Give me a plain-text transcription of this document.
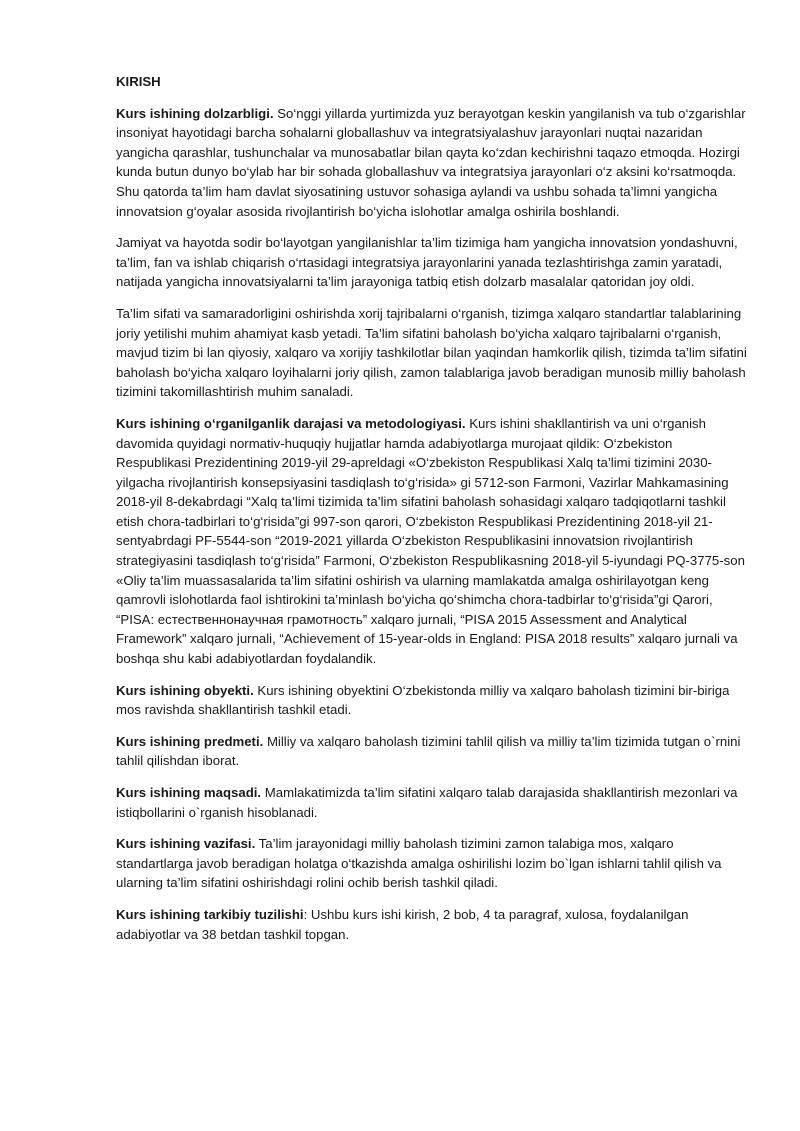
KIRISH

Kurs ishining dolzarbligi. So‘nggi yillarda yurtimizda yuz berayotgan keskin yangilanish va tub o‘zgarishlar insoniyat hayotidagi barcha sohalarni globallashuv va integratsiyalashuv jarayonlari nuqtai nazaridan yangicha qarashlar, tushunchalar va munosabatlar bilan qayta ko‘zdan kechirishni taqazo etmoqda. Hozirgi kunda butun dunyo bo‘ylab har bir sohada globallashuv va integratsiya jarayonlari o‘z aksini ko‘rsatmoqda. Shu qatorda ta’lim ham davlat siyosatining ustuvor sohasiga aylandi va ushbu sohada ta’limni yangicha innovatsion g‘oyalar asosida rivojlantirish bo‘yicha islohotlar amalga oshirila boshlandi.

Jamiyat va hayotda sodir bo‘layotgan yangilanishlar ta’lim tizimiga ham yangicha innovatsion yondashuvni, ta’lim, fan va ishlab chiqarish o‘rtasidagi integratsiya jarayonlarini yanada tezlashtirishga zamin yaratadi, natijada yangicha innovatsiyalarni ta’lim jarayoniga tatbiq etish dolzarb masalalar qatoridan joy oldi.

Ta’lim sifati va samaradorligini oshirishda xorij tajribalarni o‘rganish, tizimga xalqaro standartlar talablarining joriy yetilishi muhim ahamiyat kasb yetadi. Ta’lim sifatini baholash bo‘yicha xalqaro tajribalarni o‘rganish, mavjud tizim bi lan qiyosiy, xalqaro va xorijiy tashkilotlar bilan yaqindan hamkorlik qilish, tizimda ta’lim sifatini baholash bo‘yicha xalqaro loyihalarni joriy qilish, zamon talablariga javob beradigan munosib milliy baholash tizimini takomillashtirish muhim sanaladi.

Kurs ishining o‘rganilganlik darajasi va metodologiyasi. Kurs ishini shakllantirish va uni o‘rganish davomida quyidagi normativ-huquqiy hujjatlar hamda adabiyotlarga murojaat qildik: O‘zbekiston Respublikasi Prezidentining 2019-yil 29-apreldagi «O‘zbekiston Respublikasi Xalq ta’limi tizimini 2030-yilgacha rivojlantirish konsepsiyasini tasdiqlash to‘g‘risida» gi 5712-son Farmoni, Vazirlar Mahkamasining 2018-yil 8-dekabrdagi “Xalq ta’limi tizimida ta’lim sifatini baholash sohasidagi xalqaro tadqiqotlarni tashkil etish chora-tadbirlari to‘g‘risida”gi 997-son qarori, O‘zbekiston Respublikasi Prezidentining 2018-yil 21-sentyabrdagi PF-5544-son “2019-2021 yillarda O‘zbekiston Respublikasini innovatsion rivojlantirish strategiyasini tasdiqlash to‘g‘risida” Farmoni, O‘zbekiston Respublikasning 2018-yil 5-iyundagi PQ-3775-son «Oliy ta’lim muassasalarida ta’lim sifatini oshirish va ularning mamlakatda amalga oshirilayotgan keng qamrovli islohotlarda faol ishtirokini ta’minlash bo‘yicha qo‘shimcha chora-tadbirlar to‘g‘risida”gi Qarori, “PISA: естественнонаучная грамотность” xalqaro jurnali, “PISA 2015 Assessment and Analytical Framework” xalqaro jurnali, “Achievement of 15-year-olds in England: PISA 2018 results” xalqaro jurnali va boshqa shu kabi adabiyotlardan foydalandik.

Kurs ishining obyekti. Kurs ishining obyektini O‘zbekistonda milliy va xalqaro baholash tizimini bir-biriga mos ravishda shakllantirish tashkil etadi.

Kurs ishining predmeti. Milliy va xalqaro baholash tizimini tahlil qilish va milliy ta’lim tizimida tutgan o`rnini tahlil qilishdan iborat.

Kurs ishining maqsadi. Mamlakatimizda ta’lim sifatini xalqaro talab darajasida shakllantirish mezonlari va istiqbollarini o`rganish hisoblanadi.

Kurs ishining vazifasi. Ta’lim jarayonidagi milliy baholash tizimini zamon talabiga mos, xalqaro standartlarga javob beradigan holatga o‘tkazishda amalga oshirilishi lozim bo`lgan ishlarni tahlil qilish va ularning ta’lim sifatini oshirishdagi rolini ochib berish tashkil qiladi.

Kurs ishining tarkibiy tuzilishi: Ushbu kurs ishi kirish, 2 bob, 4 ta paragraf, xulosa, foydalanilgan adabiyotlar va 38 betdan tashkil topgan.
